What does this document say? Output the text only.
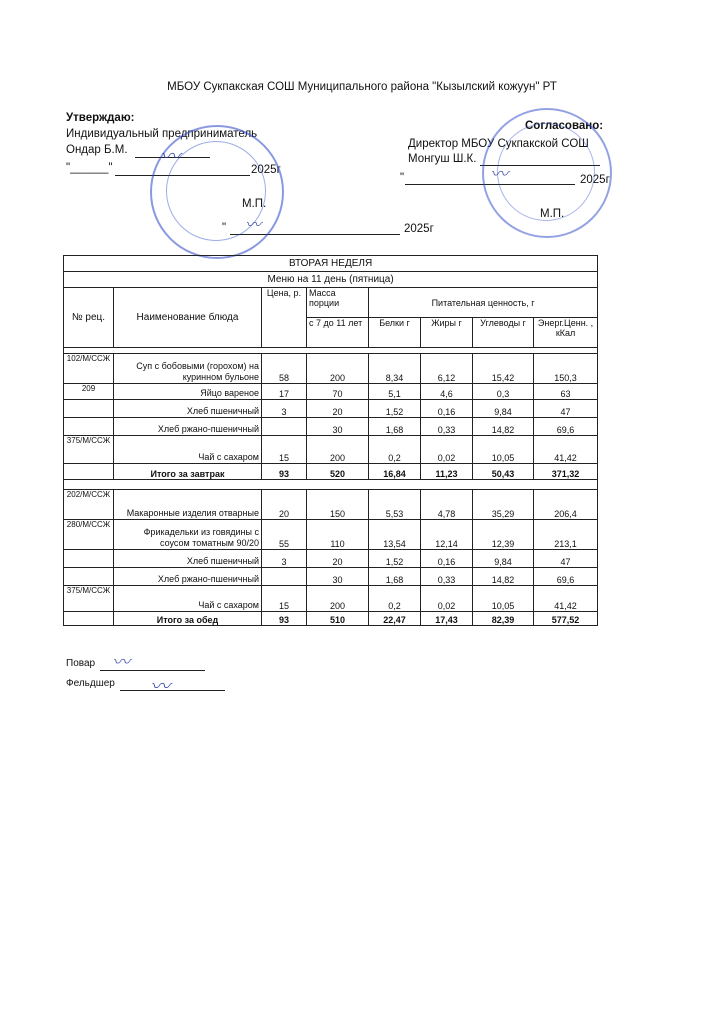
МБОУ Сукпакская СОШ Муниципального района "Кызылский кожуун" РТ
Утверждаю:
Индивидуальный предприниматель
Ондар Б.М.
"______"	2025г
М.П.
"	2025г
Согласовано:
Директор МБОУ Сукпакской СОШ
Монгуш Ш.К.
"	2025г
М.П.
〰
〰
〰
ВТОРАЯ НЕДЕЛЯ							
Меню на 11 день (пятница)							
№ рец.	Наименование блюда	Цена, р.	Масса порции	Питательная ценность, г			
			с 7 до 11 лет	Белки г	Жиры г	Углеводы г	Энерг.Ценн. , кКал

102/М/ССЖ	Суп с бобовыми (горохом) на куринном бульоне	58	200	8,34	6,12	15,42	150,3
209	Яйцо вареное	17	70	5,1	4,6	0,3	63
	Хлеб пшеничный	3	20	1,52	0,16	9,84	47
	Хлеб ржано-пшеничный		30	1,68	0,33	14,82	69,6
375/М/ССЖ	Чай с сахаром	15	200	0,2	0,02	10,05	41,42
	Итого за завтрак	93	520	16,84	11,23	50,43	371,32

202/М/ССЖ	Макаронные изделия отварные	20	150	5,53	4,78	35,29	206,4
280/М/ССЖ	Фрикадельки из говядины с соусом томатным 90/20	55	110	13,54	12,14	12,39	213,1
	Хлеб пшеничный	3	20	1,52	0,16	9,84	47
	Хлеб ржано-пшеничный		30	1,68	0,33	14,82	69,6
375/М/ССЖ	Чай с сахаром	15	200	0,2	0,02	10,05	41,42
	Итого за обед	93	510	22,47	17,43	82,39	577,52
Повар 〰
Фельдшер 〰
